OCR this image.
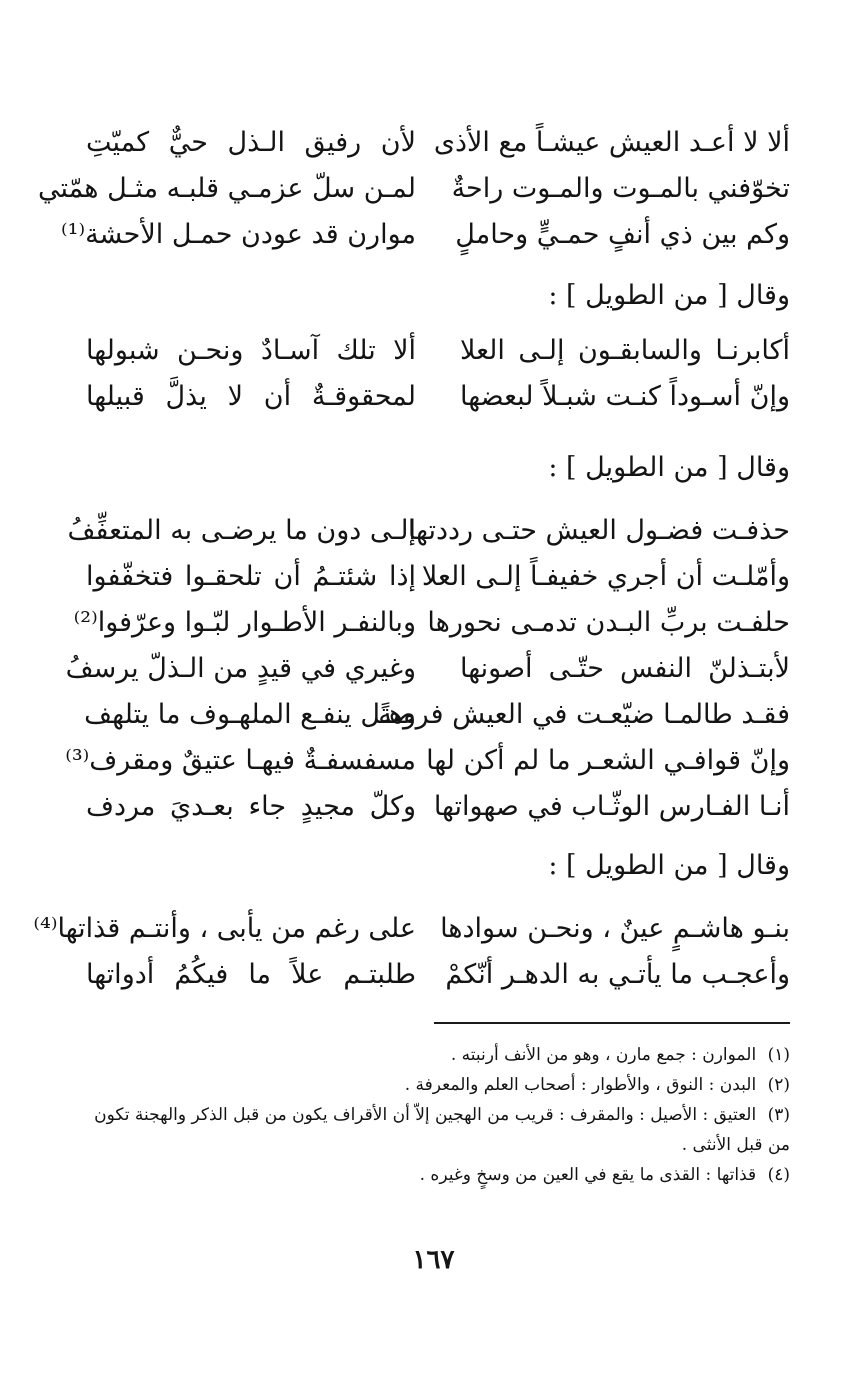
ألا لا أعـد العيش عيشـاً مع الأذى
لأن رفيق الـذل حيٌّ كميّتِ
تخوّفني بالمـوت والمـوت راحةٌ
لمـن سلّ عزمـي قلبـه مثـل همّتي
وكم بين ذي أنفٍ حمـيٍّ وحاملٍ
موارن قد عودن حمـل الأحشة⁽¹⁾
وقال [ من الطويل ] :
أكابرنـا والسابقـون إلـى العلا
ألا تلك آسـادٌ ونحـن شبولها
وإنّ أسـوداً كنـت شبـلاً لبعضها
لمحقوقـةٌ أن لا يذلَّ قبيلها
وقال [ من الطويل ] :
حذفـت فضـول العيش حتـى رددتها
إلـى دون ما يرضـى به المتعفِّفُ
وأمّلـت أن أجري خفيفـاً إلـى العلا
إذا شئتـمُ أن تلحقـوا فتخفّفوا
حلفـت بربِّ البـدن تدمـى نحورها
وبالنفـر الأطـوار لبّـوا وعرّفوا⁽²⁾
لأبتـذلنّ النفس حتّـى أصونها
وغيري في قيدٍ من الـذلّ يرسفُ
فقـد طالمـا ضيّعـت في العيش فرصةً
وهـل ينفـع الملهـوف ما يتلهف
وإنّ قوافـي الشعـر ما لم أكن لها
مسفسفـةٌ فيهـا عتيقٌ ومقرف⁽³⁾
أنـا الفـارس الوثّـاب في صهواتها
وكلّ مجيدٍ جاء بعـديَ مردف
وقال [ من الطويل ] :
بنـو هاشـمٍ عينٌ ، ونحـن سوادها
على رغم من يأبى ، وأنتـم قذاتها⁽⁴⁾
وأعجـب ما يأتـي به الدهـر أنّكمْ
طلبتـم علاً ما فيكُمُ أدواتها
(١) الموارن : جمع مارن ، وهو من الأنف أرنبته .
(٢) البدن : النوق ، والأطوار : أصحاب العلم والمعرفة .
(٣) العتيق : الأصيل : والمقرف : قريب من الهجين إلاّ أن الأقراف يكون من قبل الذكر والهجنة تكون من قبل الأنثى .
(٤) قذاتها : القذى ما يقع في العين من وسخٍ وغيره .
١٦٧
